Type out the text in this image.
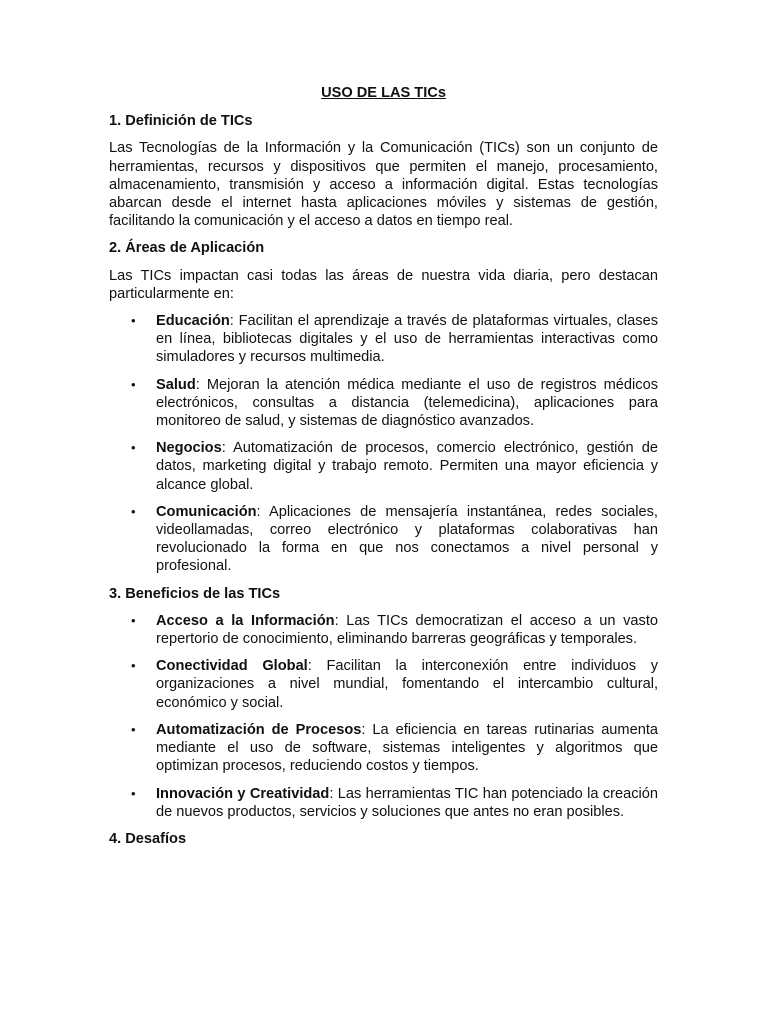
USO DE LAS TICs
1. Definición de TICs
Las Tecnologías de la Información y la Comunicación (TICs) son un conjunto de herramientas, recursos y dispositivos que permiten el manejo, procesamiento, almacenamiento, transmisión y acceso a información digital. Estas tecnologías abarcan desde el internet hasta aplicaciones móviles y sistemas de gestión, facilitando la comunicación y el acceso a datos en tiempo real.
2. Áreas de Aplicación
Las TICs impactan casi todas las áreas de nuestra vida diaria, pero destacan particularmente en:
• Educación: Facilitan el aprendizaje a través de plataformas virtuales, clases en línea, bibliotecas digitales y el uso de herramientas interactivas como simuladores y recursos multimedia.
• Salud: Mejoran la atención médica mediante el uso de registros médicos electrónicos, consultas a distancia (telemedicina), aplicaciones para monitoreo de salud, y sistemas de diagnóstico avanzados.
• Negocios: Automatización de procesos, comercio electrónico, gestión de datos, marketing digital y trabajo remoto. Permiten una mayor eficiencia y alcance global.
• Comunicación: Aplicaciones de mensajería instantánea, redes sociales, videollamadas, correo electrónico y plataformas colaborativas han revolucionado la forma en que nos conectamos a nivel personal y profesional.
3. Beneficios de las TICs
• Acceso a la Información: Las TICs democratizan el acceso a un vasto repertorio de conocimiento, eliminando barreras geográficas y temporales.
• Conectividad Global: Facilitan la interconexión entre individuos y organizaciones a nivel mundial, fomentando el intercambio cultural, económico y social.
• Automatización de Procesos: La eficiencia en tareas rutinarias aumenta mediante el uso de software, sistemas inteligentes y algoritmos que optimizan procesos, reduciendo costos y tiempos.
• Innovación y Creatividad: Las herramientas TIC han potenciado la creación de nuevos productos, servicios y soluciones que antes no eran posibles.
4. Desafíos
